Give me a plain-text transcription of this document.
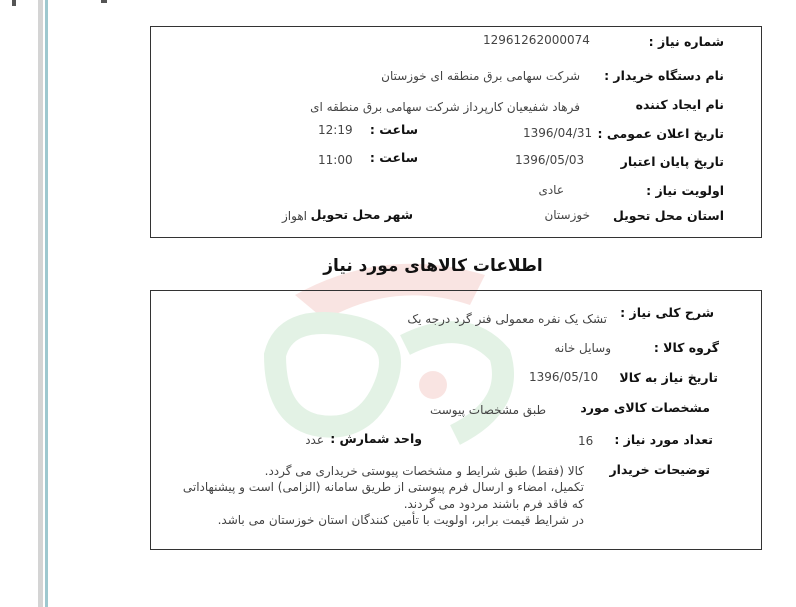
شماره نیاز :
12961262000074
نام دستگاه خریدار :
شرکت سهامی برق منطقه ای خوزستان
نام ایجاد کننده
فرهاد شفیعیان کارپرداز شرکت سهامی برق منطقه ای
تاریخ اعلان عمومی :
1396/04/31
ساعت :
12:19
تاریخ پایان اعتبار
1396/05/03
ساعت :
11:00
اولویت نیاز :
عادی
استان محل تحویل
خوزستان
شهر محل تحویل
اهواز
اطلاعات کالاهای مورد نیاز
شرح کلی نیاز :
تشک یک نفره معمولی فنر گرد درجه یک
گروه کالا :
وسایل خانه
تاریخ نیاز به کالا
1396/05/10
مشخصات کالای مورد
طبق مشخصات پیوست
تعداد مورد نیاز :
16
واحد شمارش :
عدد
توضیحات خریدار
کالا (فقط) طبق شرایط و مشخصات پیوستی خریداری می گردد.
تکمیل، امضاء و ارسال فرم پیوستی از طریق سامانه (الزامی) است و پیشنهاداتی
که فاقد فرم باشند مردود می گردند.
در شرایط قیمت برابر، اولویت با تأمین کنندگان استان خوزستان می باشد.
